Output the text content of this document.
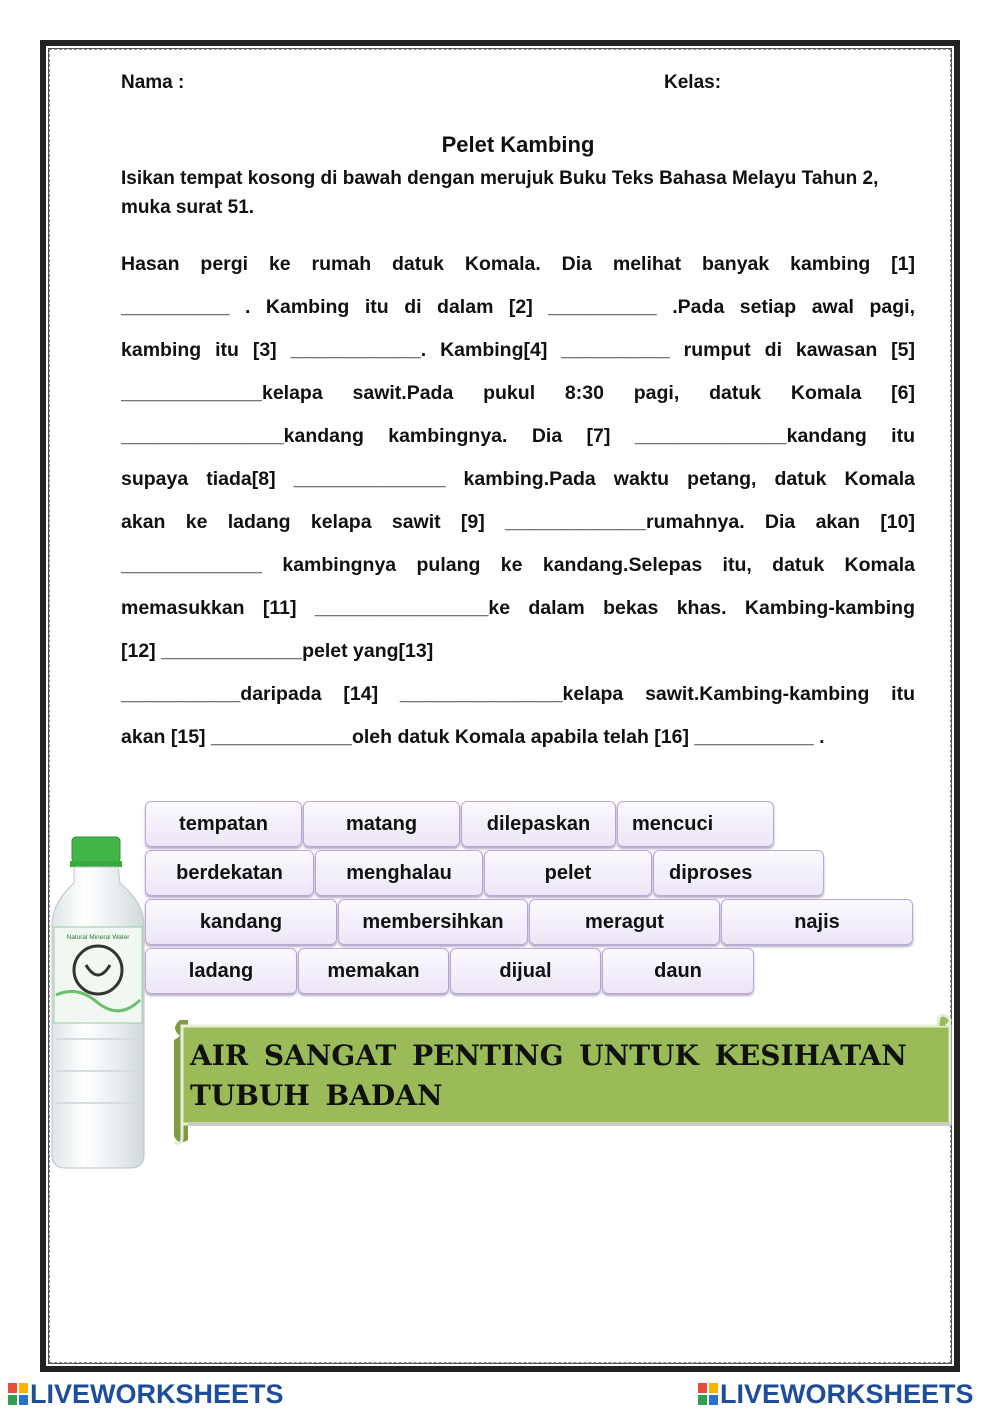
Nama :	Kelas:
Pelet Kambing
Isikan tempat kosong di bawah dengan merujuk Buku Teks Bahasa Melayu Tahun 2, muka surat 51.
Hasan pergi ke rumah datuk Komala. Dia melihat banyak kambing [1]
__________ . Kambing itu di dalam [2] __________ .Pada setiap awal pagi,
kambing itu [3] ____________. Kambing[4] __________ rumput di kawasan [5]
_____________kelapa sawit.Pada pukul 8:30 pagi, datuk Komala [6]
_______________kandang kambingnya. Dia [7] ______________kandang itu
supaya tiada[8] ______________ kambing.Pada waktu petang, datuk Komala
akan ke ladang kelapa sawit [9] _____________rumahnya. Dia akan [10]
_____________ kambingnya pulang ke kandang.Selepas itu, datuk Komala
memasukkan [11] ________________ke dalam bekas khas. Kambing-kambing
[12] _____________pelet yang[13]
___________daripada [14] _______________kelapa sawit.Kambing-kambing itu
akan [15] _____________oleh datuk Komala apabila telah [16] ___________ .
tempatan	matang	dilepaskan	mencuci
berdekatan	menghalau	pelet	diproses
kandang	membersihkan	meragut	najis
ladang	memakan	dijual	daun
Natural Mineral Water
AIR SANGAT PENTING UNTUK KESIHATAN
TUBUH BADAN
LIVEWORKSHEETS	LIVEWORKSHEETS
